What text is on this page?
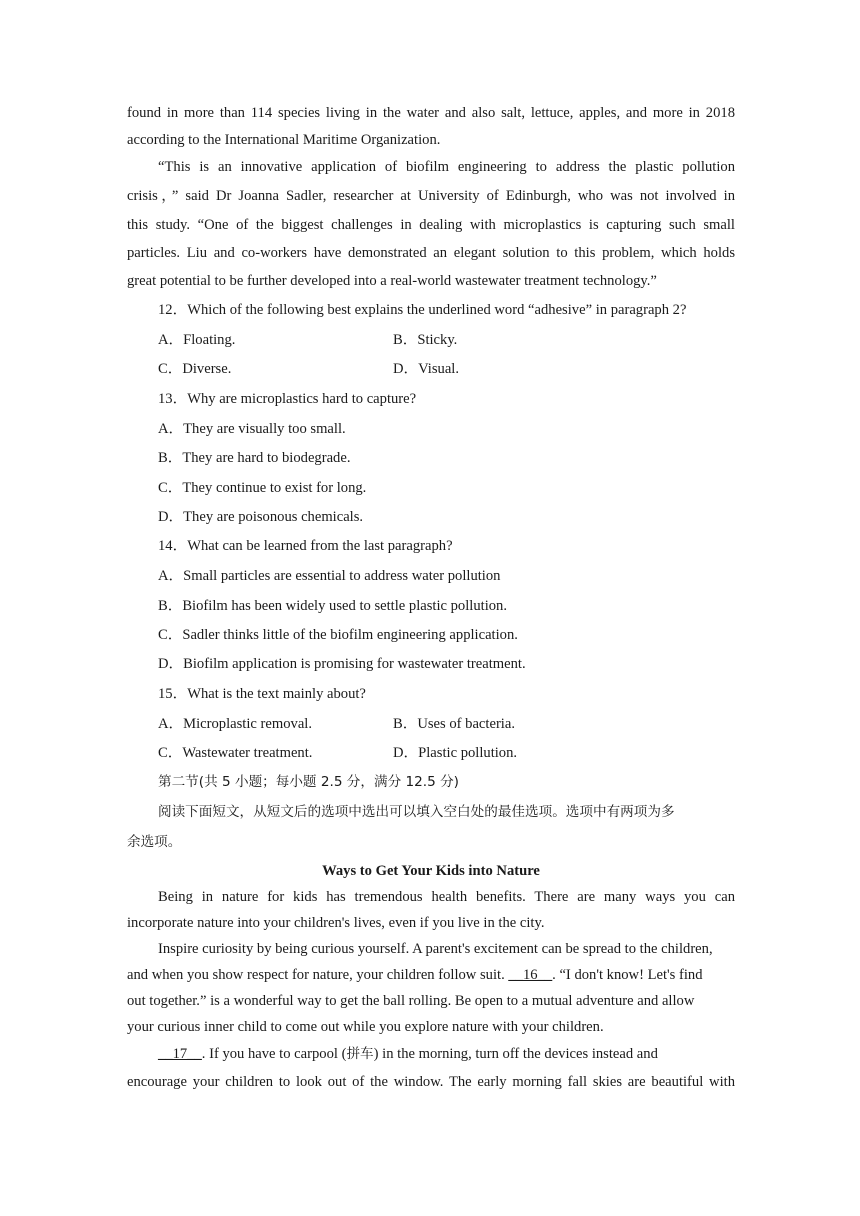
found in more than 114 species living in the water and also salt, lettuce, apples, and more in 2018
according to the International Maritime Organization.
“This is an innovative application of biofilm engineering to address the plastic pollution
crisis，” said Dr Joanna Sadler, researcher at University of Edinburgh, who was not involved in
this study. “One of the biggest challenges in dealing with microplastics is capturing such small
particles. Liu and co-workers have demonstrated an elegant solution to this problem, which holds
great potential to be further developed into a real-world wastewater treatment technology.”
12．Which of the following best explains the underlined word “adhesive” in paragraph 2?
A．Floating.	B．Sticky.
C．Diverse.	D．Visual.
13．Why are microplastics hard to capture?
A．They are visually too small.
B．They are hard to biodegrade.
C．They continue to exist for long.
D．They are poisonous chemicals.
14．What can be learned from the last paragraph?
A．Small particles are essential to address water pollution
B．Biofilm has been widely used to settle plastic pollution.
C．Sadler thinks little of the biofilm engineering application.
D．Biofilm application is promising for wastewater treatment.
15．What is the text mainly about?
A．Microplastic removal.	B．Uses of bacteria.
C．Wastewater treatment.	D．Plastic pollution.
第二节(共 5 小题；每小题 2.5 分，满分 12.5 分)
阅读下面短文，从短文后的选项中选出可以填入空白处的最佳选项。选项中有两项为多
余选项。
Ways to Get Your Kids into Nature
Being in nature for kids has tremendous health benefits. There are many ways you can
incorporate nature into your children's lives, even if you live in the city.
Inspire curiosity by being curious yourself. A parent's excitement can be spread to the children,
and when you show respect for nature, your children follow suit. __16__. “I don't know! Let's find
out together.” is a wonderful way to get the ball rolling. Be open to a mutual adventure and allow
your curious inner child to come out while you explore nature with your children.
__17__. If you have to carpool (拼车) in the morning, turn off the devices instead and
encourage your children to look out of the window. The early morning fall skies are beautiful with
